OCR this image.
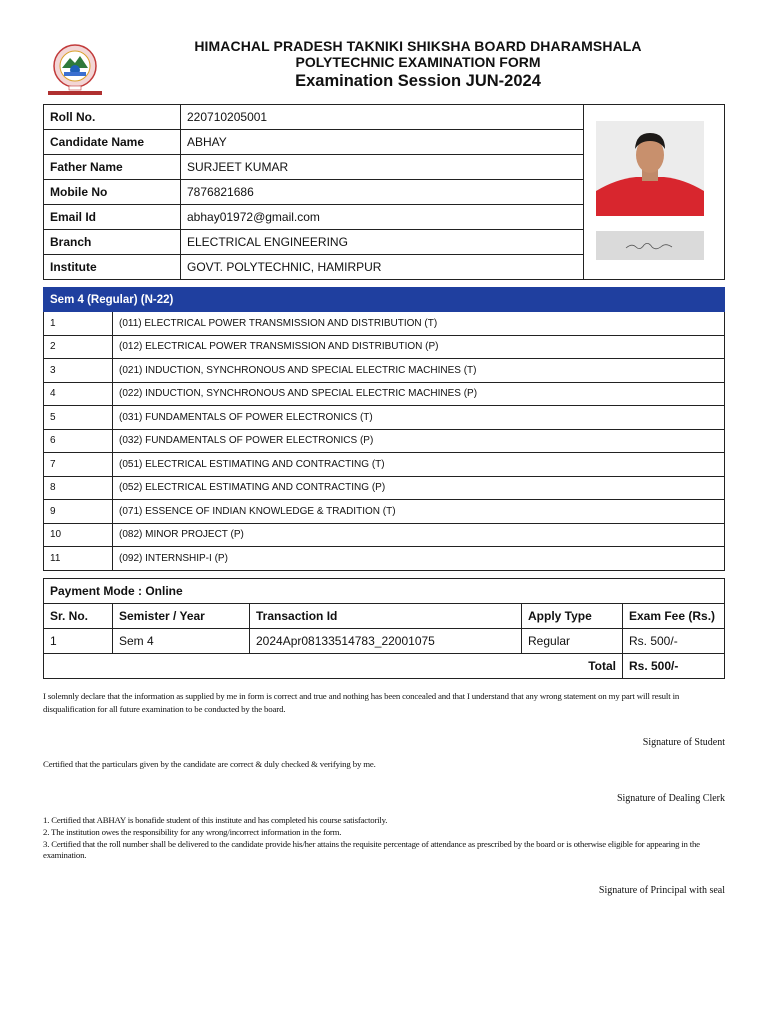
HIMACHAL PRADESH TAKNIKI SHIKSHA BOARD DHARAMSHALA
POLYTECHNIC EXAMINATION FORM
Examination Session JUN-2024
Roll No.	220710205001	

Candidate Name	ABHAY	
Father Name	SURJEET KUMAR	
Mobile No	7876821686	
Email Id	abhay01972@gmail.com	
Branch	ELECTRICAL ENGINEERING	
Institute	GOVT. POLYTECHNIC, HAMIRPUR	
Sem 4 (Regular) (N-22)	
1	(011) ELECTRICAL POWER TRANSMISSION AND DISTRIBUTION (T)
2	(012) ELECTRICAL POWER TRANSMISSION AND DISTRIBUTION (P)
3	(021) INDUCTION, SYNCHRONOUS AND SPECIAL ELECTRIC MACHINES (T)
4	(022) INDUCTION, SYNCHRONOUS AND SPECIAL ELECTRIC MACHINES (P)
5	(031) FUNDAMENTALS OF POWER ELECTRONICS (T)
6	(032) FUNDAMENTALS OF POWER ELECTRONICS (P)
7	(051) ELECTRICAL ESTIMATING AND CONTRACTING (T)
8	(052) ELECTRICAL ESTIMATING AND CONTRACTING (P)
9	(071) ESSENCE OF INDIAN KNOWLEDGE & TRADITION (T)
10	(082) MINOR PROJECT (P)
11	(092) INTERNSHIP-I (P)
Payment Mode : Online				
Sr. No.	Semister / Year	Transaction Id	Apply Type	Exam Fee (Rs.)
1	Sem 4	2024Apr08133514783_22001075	Regular	Rs. 500/-
Total				Rs. 500/-
I solemnly declare that the information as supplied by me in form is correct and true and nothing has been concealed and that I understand that any wrong statement on my part will result in disqualification for all future examination to be conducted by the board.
Signature of Student
Certified that the particulars given by the candidate are correct & duly checked & verifying by me.
Signature of Dealing Clerk
1. Certified that ABHAY is bonafide student of this institute and has completed his course satisfactorily.
2. The institution owes the responsibility for any wrong/incorrect information in the form.
3. Certified that the roll number shall be delivered to the candidate provide his/her attains the requisite percentage of attendance as prescribed by the board or is otherwise eligible for appearing in the examination.
Signature of Principal with seal
